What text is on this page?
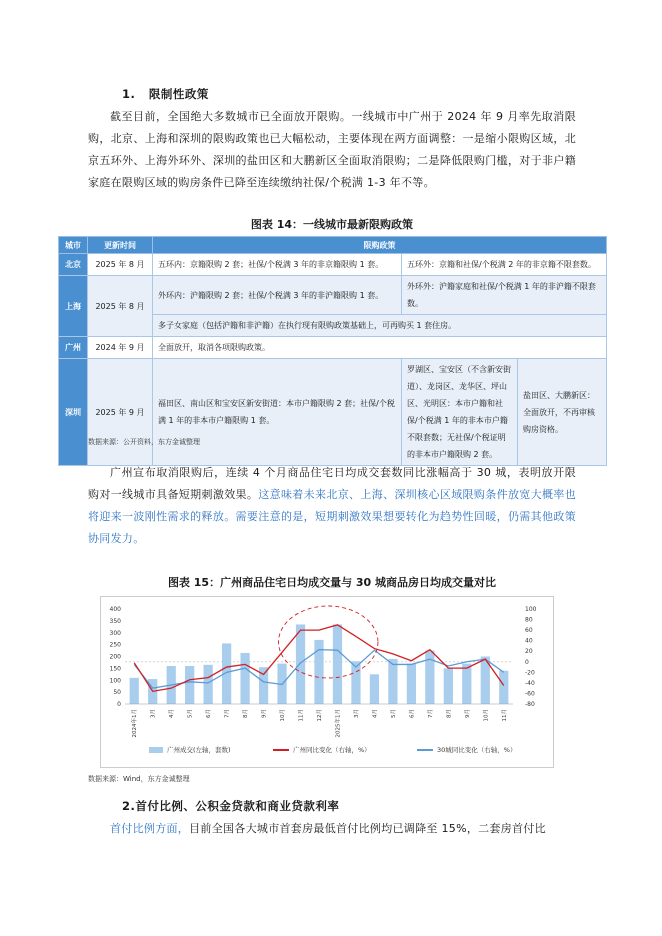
1.   限制性政策

截至目前，全国绝大多数城市已全面放开限购。一线城市中广州于 2024 年 9 月率先取消限购，北京、上海和深圳的限购政策也已大幅松动，主要体现在两方面调整：一是缩小限购区域，北京五环外、上海外环外、深圳的盐田区和大鹏新区全面取消限购；二是降低限购门槛，对于非户籍家庭在限购区域的购房条件已降至连续缴纳社保/个税满 1-3 年不等。

图表 14：一线城市最新限购政策
城市	更新时间	限购政策		
北京	2025 年 8 月	五环内：京籍限购 2 套；社保/个税满 3 年的非京籍限购 1 套。	五环外：京籍和社保/个税满 2 年的非京籍不限套数。	
上海	2025 年 8 月	外环内：沪籍限购 2 套；社保/个税满 3 年的非沪籍限购 1 套。	外环外：沪籍家庭和社保/个税满 1 年的非沪籍不限套数。	
		多子女家庭（包括沪籍和非沪籍）在执行现有限购政策基础上，可再购买 1 套住房。		
广州	2024 年 9 月	全面放开，取消各项限购政策。		
深圳	2025 年 9 月	福田区、南山区和宝安区新安街道：本市户籍限购 2 套；社保/个税满 1 年的非本市户籍限购 1 套。	罗湖区、宝安区（不含新安街道）、龙岗区、龙华区、坪山区、光明区：本市户籍和社保/个税满 1 年的非本市户籍不限套数；无社保/个税证明的非本市户籍限购 2 套。	盐田区、大鹏新区：全面放开，不再审核购房资格。
数据来源：公开资料，东方金诚整理

广州宣布取消限购后，连续 4 个月商品住宅日均成交套数同比涨幅高于 30 城，表明放开限购对一线城市具备短期刺激效果。这意味着未来北京、上海、深圳核心区域限购条件放宽大概率也将迎来一波刚性需求的释放。需要注意的是，短期刺激效果想要转化为趋势性回暖，仍需其他政策协同发力。

图表 15：广州商品住宅日均成交量与 30 城商品房日均成交量对比
0
50
100
150
200
250
300
350
400	100
80
60
40
20
0
-20
-40
-60
-80
2024年1月	3月	4月	5月	6月	7月	8月	9月	10月	11月	12月	2025年1月	3月	4月	5月	6月	7月	8月	9月	10月	11月
广州成交(左轴，套数)	广州同比变化（右轴，%）	30城同比变化（右轴，%）
数据来源：Wind，东方金诚整理
2.首付比例、公积金贷款和商业贷款利率

首付比例方面，目前全国各大城市首套房最低首付比例均已调降至 15%，二套房首付比
